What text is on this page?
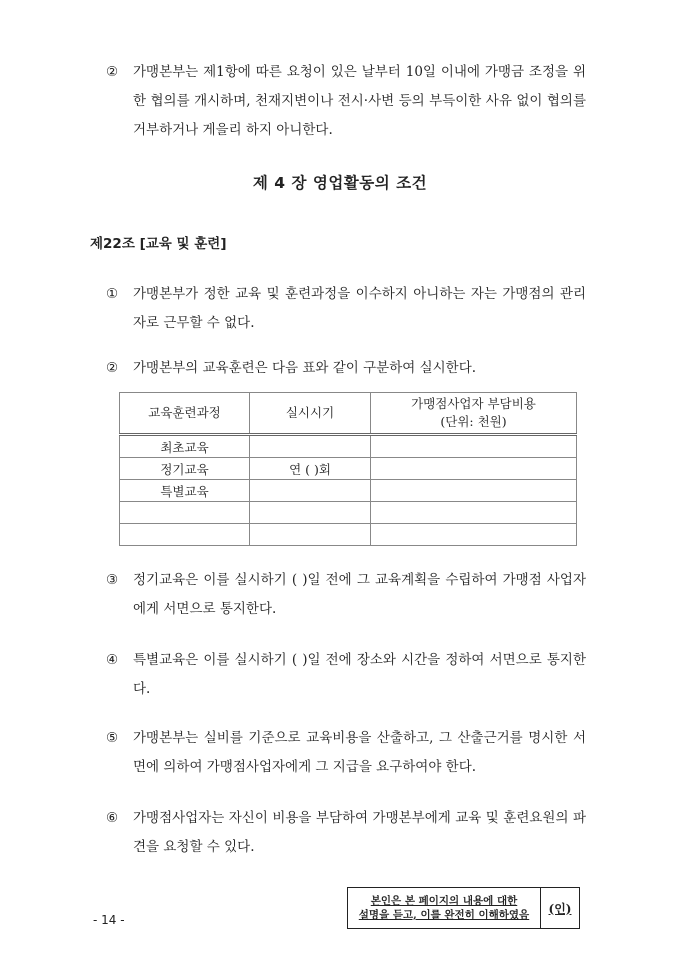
②	가맹본부는 제1항에 따른 요청이 있은 날부터 10일 이내에 가맹금 조정을 위한 협의를 개시하며, 천재지변이나 전시·사변 등의 부득이한 사유 없이 협의를 거부하거나 게을리 하지 아니한다.
제 4 장 영업활동의 조건
제22조 [교육 및 훈련]
①	가맹본부가 정한 교육 및 훈련과정을 이수하지 아니하는 자는 가맹점의 관리자로 근무할 수 없다.
②	가맹본부의 교육훈련은 다음 표와 같이 구분하여 실시한다.
교육훈련과정	실시시기	가맹점사업자 부담비용
(단위: 천원)

최초교육		
정기교육	연 ( )회	
특별교육		

③	정기교육은 이를 실시하기 ( )일 전에 그 교육계획을 수립하여 가맹점 사업자에게 서면으로 통지한다.
④	특별교육은 이를 실시하기 ( )일 전에 장소와 시간을 정하여 서면으로 통지한다.
⑤	가맹본부는 실비를 기준으로 교육비용을 산출하고, 그 산출근거를 명시한 서면에 의하여 가맹점사업자에게 그 지급을 요구하여야 한다.
⑥	가맹점사업자는 자신이 비용을 부담하여 가맹본부에게 교육 및 훈련요원의 파견을 요청할 수 있다.
- 14 -
본인은 본 페이지의 내용에 대한
설명을 듣고, 이를 완전히 이해하였음	(인)
